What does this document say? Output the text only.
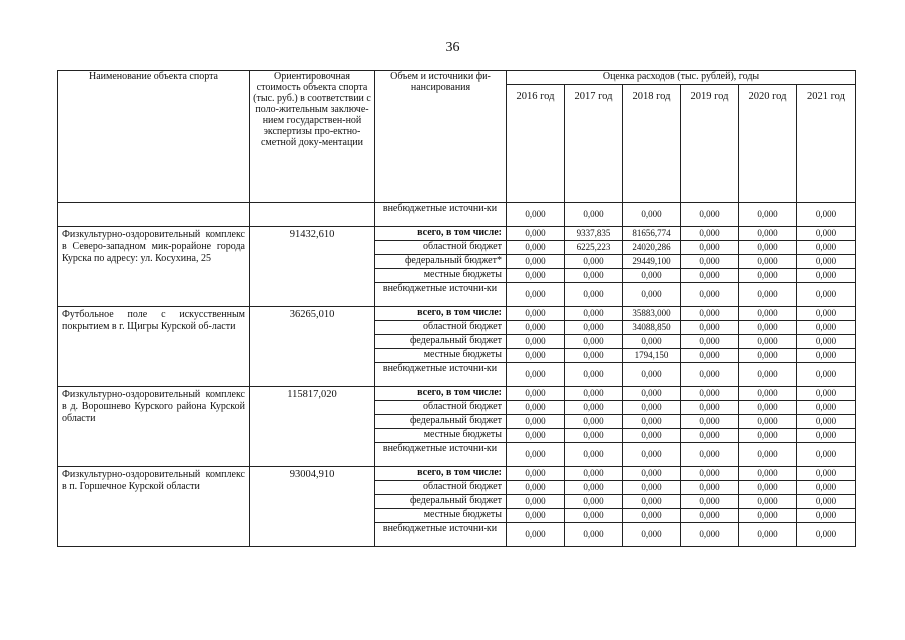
36
Наименование объекта спорта	Ориентировочная стоимость объекта спорта (тыс. руб.) в соответствии с поло-жительным заключе-нием государствен-ной экспертизы про-ектно-сметной доку-ментации	Объем и источники фи-нансирования	Оценка расходов (тыс. рублей), годы					
			2016 год	2017 год	2018 год	2019 год	2020 год	2021 год
		внебюджетные источни-ки	0,000	0,000	0,000	0,000	0,000	0,000
Физкультурно-оздоровительный комплекс в Северо-западном мик-рорайоне города Курска по адресу: ул. Косухина, 25	91432,610	всего, в том числе:	0,000	9337,835	81656,774	0,000	0,000	0,000
		областной бюджет	0,000	6225,223	24020,286	0,000	0,000	0,000
		федеральный бюджет*	0,000	0,000	29449,100	0,000	0,000	0,000
		местные бюджеты	0,000	0,000	0,000	0,000	0,000	0,000
		внебюджетные источни-ки	0,000	0,000	0,000	0,000	0,000	0,000
Футбольное поле с искусственным покрытием в г. Щигры Курской об-ласти	36265,010	всего, в том числе:	0,000	0,000	35883,000	0,000	0,000	0,000
		областной бюджет	0,000	0,000	34088,850	0,000	0,000	0,000
		федеральный бюджет	0,000	0,000	0,000	0,000	0,000	0,000
		местные бюджеты	0,000	0,000	1794,150	0,000	0,000	0,000
		внебюджетные источни-ки	0,000	0,000	0,000	0,000	0,000	0,000
Физкультурно-оздоровительный комплекс в д. Ворошнево Курского района Курской области	115817,020	всего, в том числе:	0,000	0,000	0,000	0,000	0,000	0,000
		областной бюджет	0,000	0,000	0,000	0,000	0,000	0,000
		федеральный бюджет	0,000	0,000	0,000	0,000	0,000	0,000
		местные бюджеты	0,000	0,000	0,000	0,000	0,000	0,000
		внебюджетные источни-ки	0,000	0,000	0,000	0,000	0,000	0,000
Физкультурно-оздоровительный комплекс в п. Горшечное Курской области	93004,910	всего, в том числе:	0,000	0,000	0,000	0,000	0,000	0,000
		областной бюджет	0,000	0,000	0,000	0,000	0,000	0,000
		федеральный бюджет	0,000	0,000	0,000	0,000	0,000	0,000
		местные бюджеты	0,000	0,000	0,000	0,000	0,000	0,000
		внебюджетные источни-ки	0,000	0,000	0,000	0,000	0,000	0,000
